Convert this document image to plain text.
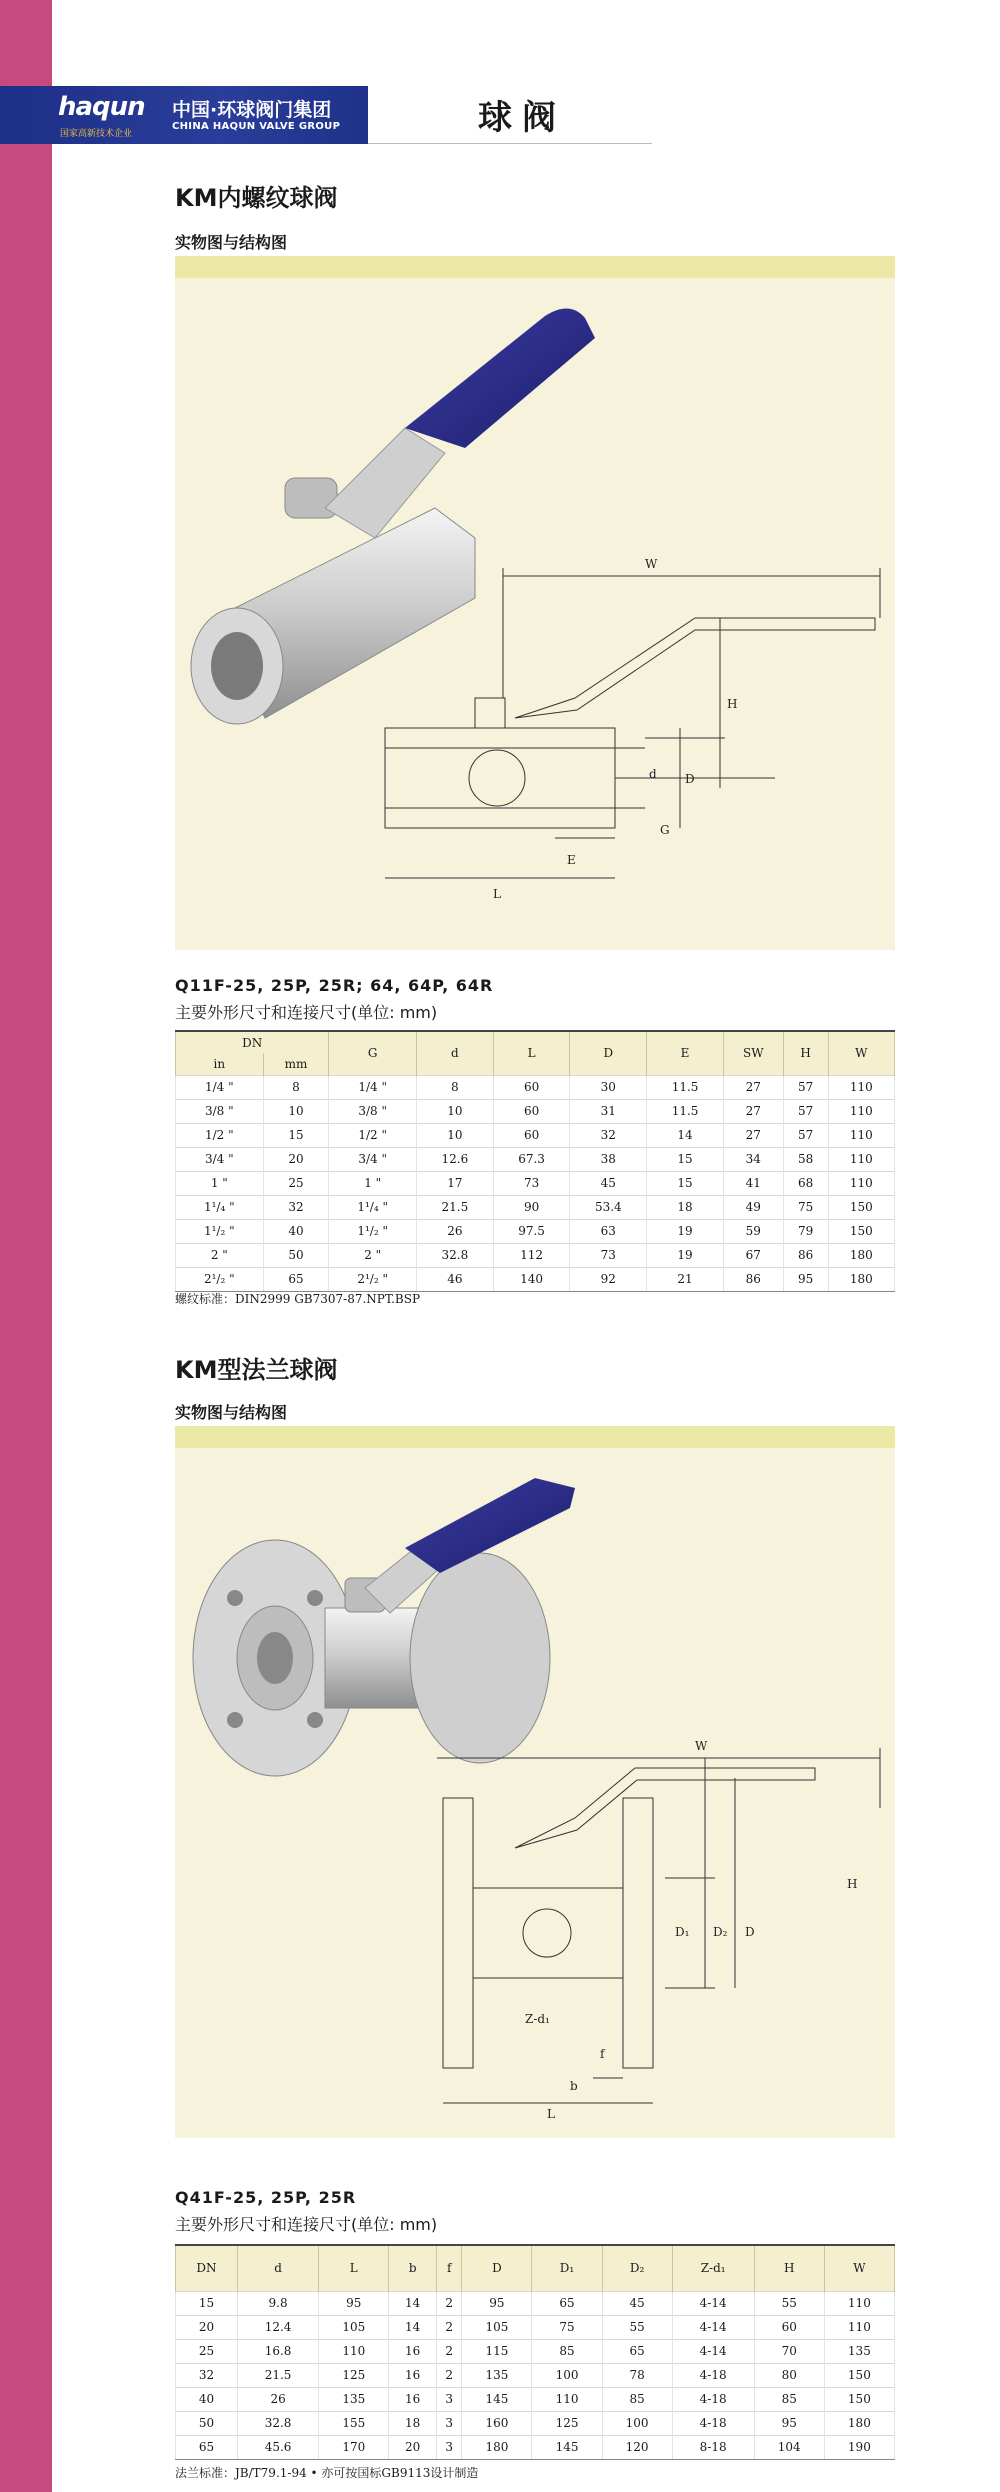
haqun
国家高新技术企业
中国·环球阀门集团
CHINA HAQUN VALVE GROUP	球阀
KM内螺纹球阀
实物图与结构图
W
H
d D
G
E
L
Q11F-25, 25P, 25R; 64, 64P, 64R
主要外形尺寸和连接尺寸(单位: mm)
DN		G	d	L	D	E	SW	H	W
in	mm								
1/4 "	8	1/4 "	8	60	30	11.5	27	57	110
3/8 "	10	3/8 "	10	60	31	11.5	27	57	110
1/2 "	15	1/2 "	10	60	32	14	27	57	110
3/4 "	20	3/4 "	12.6	67.3	38	15	34	58	110
1 "	25	1 "	17	73	45	15	41	68	110
1¹/₄ "	32	1¹/₄ "	21.5	90	53.4	18	49	75	150
1¹/₂ "	40	1¹/₂ "	26	97.5	63	19	59	79	150
2 "	50	2 "	32.8	112	73	19	67	86	180
2¹/₂ "	65	2¹/₂ "	46	140	92	21	86	95	180
螺纹标准：DIN2999 GB7307-87.NPT.BSP
KM型法兰球阀
实物图与结构图
W
H
D₁ D₂ D
Z-d₁
f
b
L
Q41F-25, 25P, 25R
主要外形尺寸和连接尺寸(单位: mm)
DN	d	L	b	f	D	D₁	D₂	Z-d₁	H	W
15	9.8	95	14	2	95	65	45	4-14	55	110
20	12.4	105	14	2	105	75	55	4-14	60	110
25	16.8	110	16	2	115	85	65	4-14	70	135
32	21.5	125	16	2	135	100	78	4-18	80	150
40	26	135	16	3	145	110	85	4-18	85	150
50	32.8	155	18	3	160	125	100	4-18	95	180
65	45.6	170	20	3	180	145	120	8-18	104	190
法兰标准：JB/T79.1-94 • 亦可按国标GB9113设计制造
